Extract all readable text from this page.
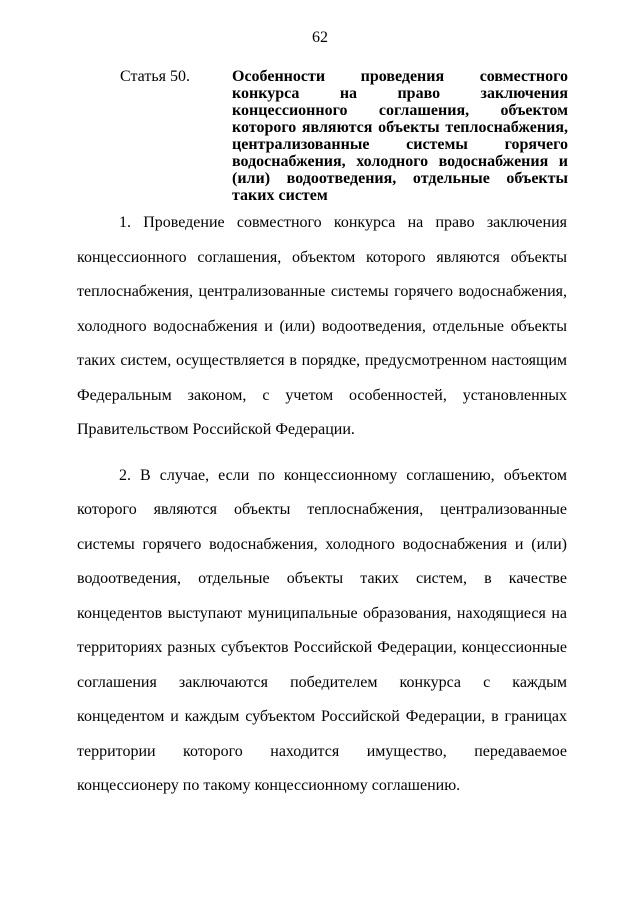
62
Статья 50.	Особенности проведения совместного конкурса на право заключения концессионного соглашения, объектом которого являются объекты теплоснабжения, централизованные системы горячего водоснабжения, холодного водоснабжения и (или) водоотведения, отдельные объекты таких систем

1. Проведение совместного конкурса на право заключения концессионного соглашения, объектом которого являются объекты теплоснабжения, централизованные системы горячего водоснабжения, холодного водоснабжения и (или) водоотведения, отдельные объекты таких систем, осуществляется в порядке, предусмотренном настоящим Федеральным законом, с учетом особенностей, установленных Правительством Российской Федерации.

2. В случае, если по концессионному соглашению, объектом которого являются объекты теплоснабжения, централизованные системы горячего водоснабжения, холодного водоснабжения и (или) водоотведения, отдельные объекты таких систем, в качестве концедентов выступают муниципальные образования, находящиеся на территориях разных субъектов Российской Федерации, концессионные соглашения заключаются победителем конкурса с каждым концедентом и каждым субъектом Российской Федерации, в границах территории которого находится имущество, передаваемое концессионеру по такому концессионному соглашению.
